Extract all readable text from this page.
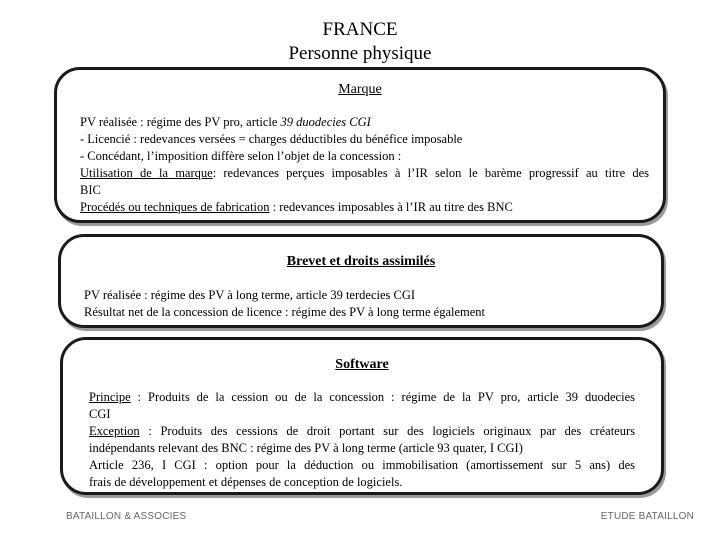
FRANCE
Personne physique
Marque
PV réalisée : régime des PV pro, article 39 duodecies CGI
- Licencié : redevances versées = charges déductibles du bénéfice imposable
- Concédant, l’imposition diffère selon l’objet de la concession :
Utilisation de la marque: redevances perçues imposables à l’IR selon le barème progressif au titre des
BIC
Procédés ou techniques de fabrication : redevances imposables à l’IR au titre des BNC
Brevet et droits assimilés
PV réalisée : régime des PV à long terme, article 39 terdecies CGI
Résultat net de la concession de licence : régime des PV à long terme également
Software
Principe : Produits de la cession ou de la concession : régime de la PV pro, article 39 duodecies
CGI
Exception : Produits des cessions de droit portant sur des logiciels originaux par des créateurs
indépendants relevant des BNC : régime des PV à long terme (article 93 quater, I CGI)
Article 236, I CGI : option pour la déduction ou immobilisation (amortissement sur 5 ans) des
frais de développement et dépenses de conception de logiciels.
BATAILLON & ASSOCIES	ETUDE BATAILLON
